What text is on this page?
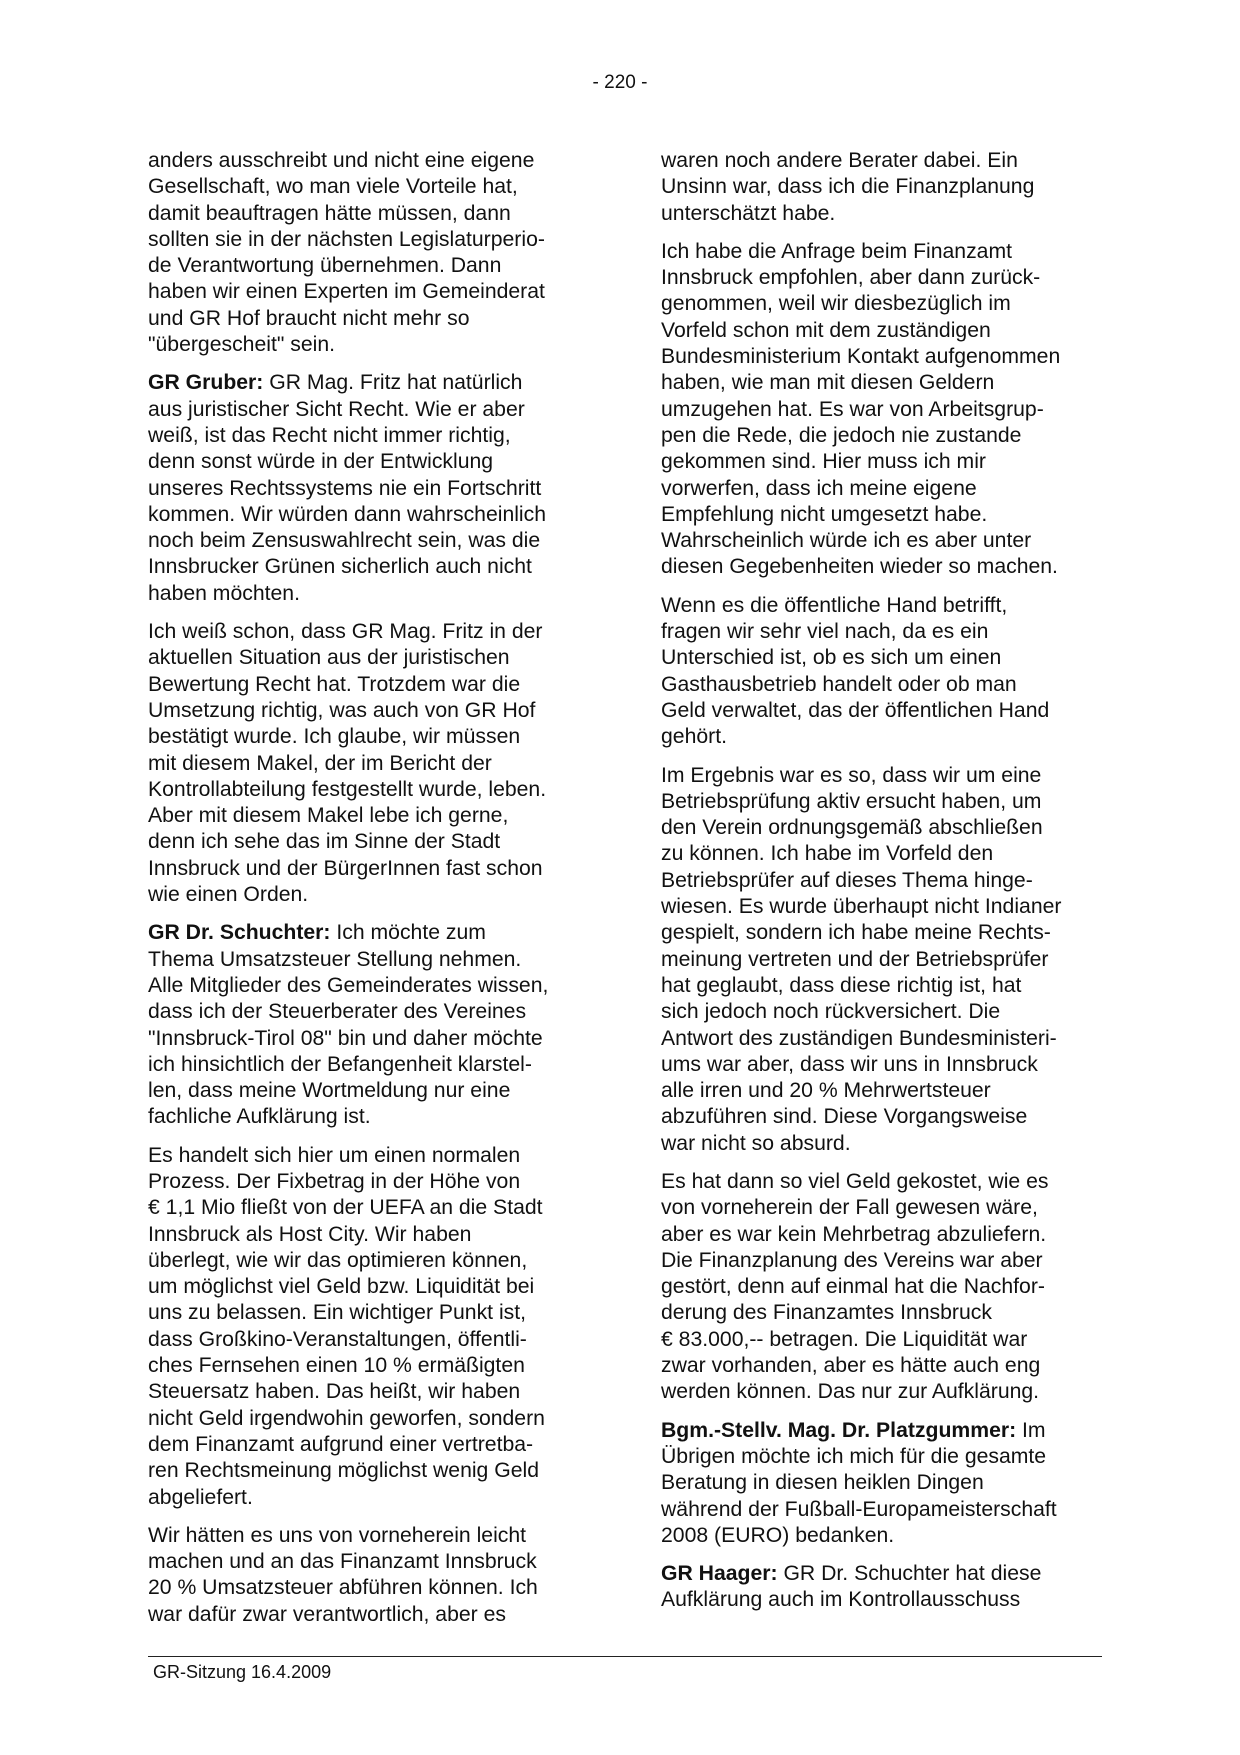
- 220 -

anders ausschreibt und nicht eine eigene
Gesellschaft, wo man viele Vorteile hat,
damit beauftragen hätte müssen, dann
sollten sie in der nächsten Legislaturperio-
de Verantwortung übernehmen. Dann
haben wir einen Experten im Gemeinderat
und GR Hof braucht nicht mehr so
"übergescheit" sein.

GR Gruber: GR Mag. Fritz hat natürlich
aus juristischer Sicht Recht. Wie er aber
weiß, ist das Recht nicht immer richtig,
denn sonst würde in der Entwicklung
unseres Rechtssystems nie ein Fortschritt
kommen. Wir würden dann wahrscheinlich
noch beim Zensuswahlrecht sein, was die
Innsbrucker Grünen sicherlich auch nicht
haben möchten.

Ich weiß schon, dass GR Mag. Fritz in der
aktuellen Situation aus der juristischen
Bewertung Recht hat. Trotzdem war die
Umsetzung richtig, was auch von GR Hof
bestätigt wurde. Ich glaube, wir müssen
mit diesem Makel, der im Bericht der
Kontrollabteilung festgestellt wurde, leben.
Aber mit diesem Makel lebe ich gerne,
denn ich sehe das im Sinne der Stadt
Innsbruck und der BürgerInnen fast schon
wie einen Orden.

GR Dr. Schuchter: Ich möchte zum
Thema Umsatzsteuer Stellung nehmen.
Alle Mitglieder des Gemeinderates wissen,
dass ich der Steuerberater des Vereines
"Innsbruck-Tirol 08" bin und daher möchte
ich hinsichtlich der Befangenheit klarstel-
len, dass meine Wortmeldung nur eine
fachliche Aufklärung ist.

Es handelt sich hier um einen normalen
Prozess. Der Fixbetrag in der Höhe von
€ 1,1 Mio fließt von der UEFA an die Stadt
Innsbruck als Host City. Wir haben
überlegt, wie wir das optimieren können,
um möglichst viel Geld bzw. Liquidität bei
uns zu belassen. Ein wichtiger Punkt ist,
dass Großkino-Veranstaltungen, öffentli-
ches Fernsehen einen 10 % ermäßigten
Steuersatz haben. Das heißt, wir haben
nicht Geld irgendwohin geworfen, sondern
dem Finanzamt aufgrund einer vertretba-
ren Rechtsmeinung möglichst wenig Geld
abgeliefert.

Wir hätten es uns von vorneherein leicht
machen und an das Finanzamt Innsbruck
20 % Umsatzsteuer abführen können. Ich
war dafür zwar verantwortlich, aber es

waren noch andere Berater dabei. Ein
Unsinn war, dass ich die Finanzplanung
unterschätzt habe.

Ich habe die Anfrage beim Finanzamt
Innsbruck empfohlen, aber dann zurück-
genommen, weil wir diesbezüglich im
Vorfeld schon mit dem zuständigen
Bundesministerium Kontakt aufgenommen
haben, wie man mit diesen Geldern
umzugehen hat. Es war von Arbeitsgrup-
pen die Rede, die jedoch nie zustande
gekommen sind. Hier muss ich mir
vorwerfen, dass ich meine eigene
Empfehlung nicht umgesetzt habe.
Wahrscheinlich würde ich es aber unter
diesen Gegebenheiten wieder so machen.

Wenn es die öffentliche Hand betrifft,
fragen wir sehr viel nach, da es ein
Unterschied ist, ob es sich um einen
Gasthausbetrieb handelt oder ob man
Geld verwaltet, das der öffentlichen Hand
gehört.

Im Ergebnis war es so, dass wir um eine
Betriebsprüfung aktiv ersucht haben, um
den Verein ordnungsgemäß abschließen
zu können. Ich habe im Vorfeld den
Betriebsprüfer auf dieses Thema hinge-
wiesen. Es wurde überhaupt nicht Indianer
gespielt, sondern ich habe meine Rechts-
meinung vertreten und der Betriebsprüfer
hat geglaubt, dass diese richtig ist, hat
sich jedoch noch rückversichert. Die
Antwort des zuständigen Bundesministeri-
ums war aber, dass wir uns in Innsbruck
alle irren und 20 % Mehrwertsteuer
abzuführen sind. Diese Vorgangsweise
war nicht so absurd.

Es hat dann so viel Geld gekostet, wie es
von vorneherein der Fall gewesen wäre,
aber es war kein Mehrbetrag abzuliefern.
Die Finanzplanung des Vereins war aber
gestört, denn auf einmal hat die Nachfor-
derung des Finanzamtes Innsbruck
€ 83.000,-- betragen. Die Liquidität war
zwar vorhanden, aber es hätte auch eng
werden können. Das nur zur Aufklärung.

Bgm.-Stellv. Mag. Dr. Platzgummer: Im
Übrigen möchte ich mich für die gesamte
Beratung in diesen heiklen Dingen
während der Fußball-Europameisterschaft
2008 (EURO) bedanken.

GR Haager: GR Dr. Schuchter hat diese
Aufklärung auch im Kontrollausschuss

GR-Sitzung 16.4.2009
